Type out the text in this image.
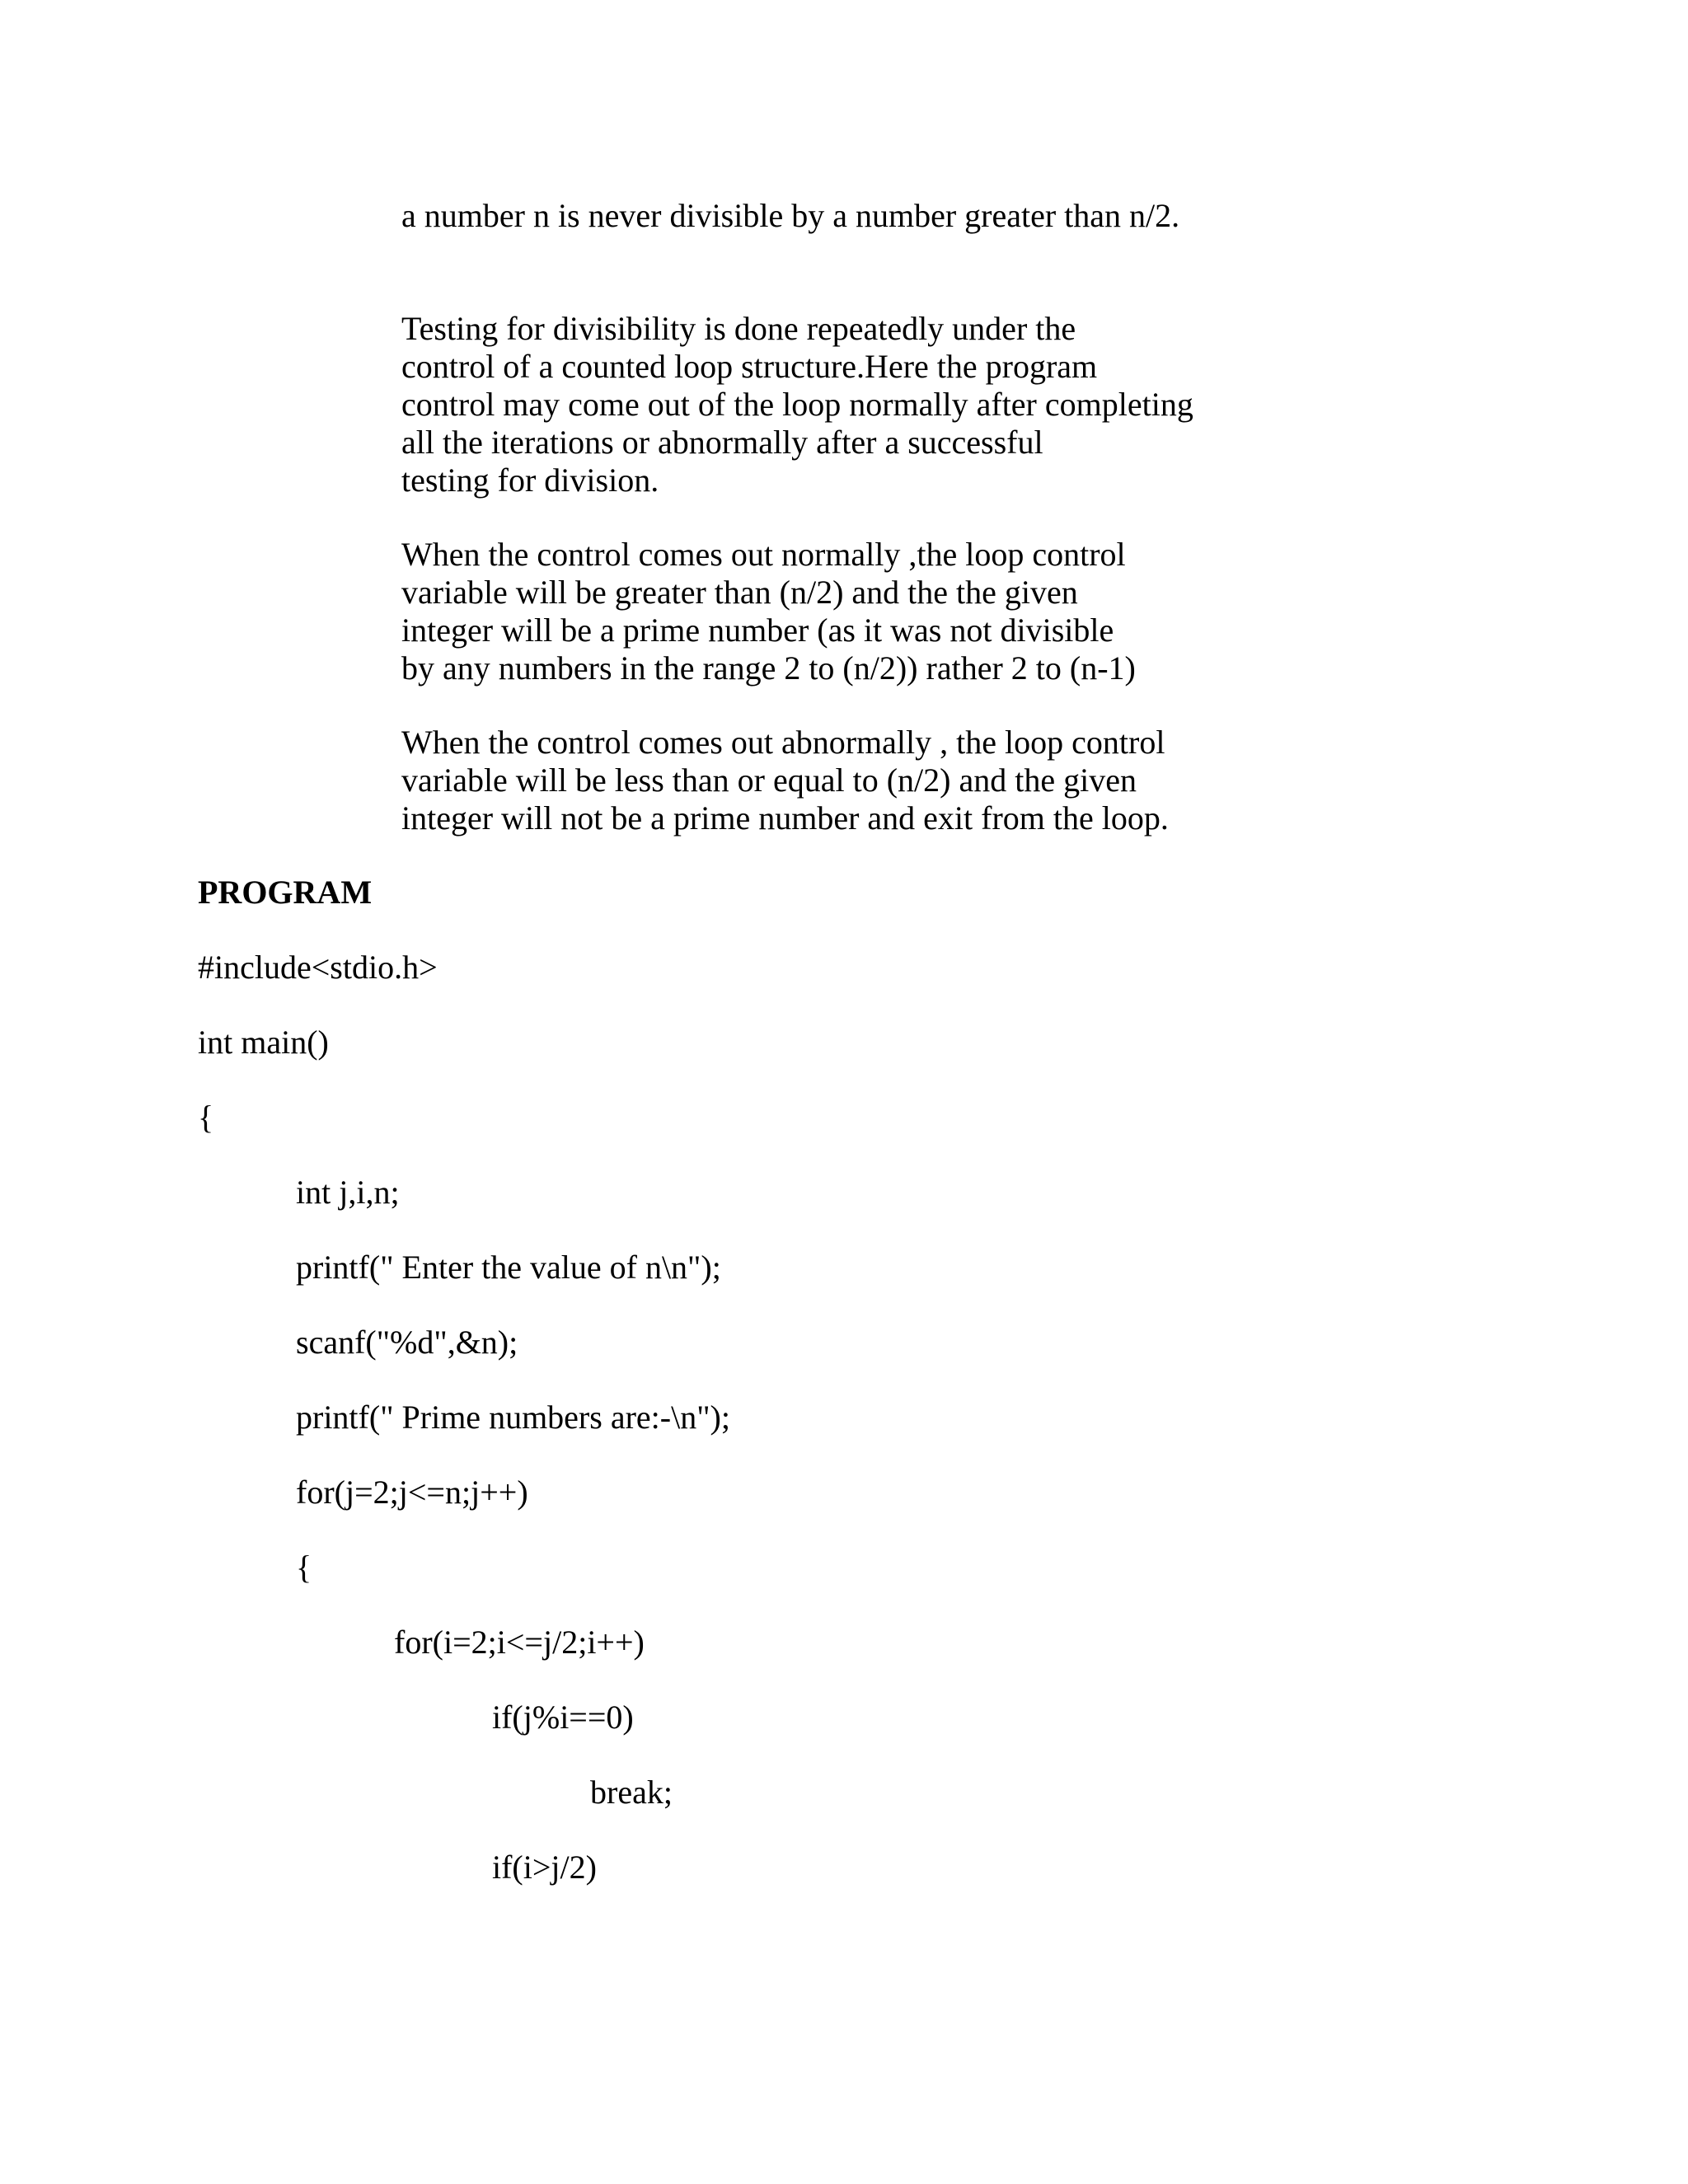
a number n is never divisible by a number greater than n/2.
Testing for divisibility is done repeatedly under the
control of a counted loop structure.Here the program
control may come out of the loop normally after completing
all the iterations or abnormally after a successful
testing for division.
When the control comes out normally ,the loop control
variable will be greater than (n/2) and the the given
integer will be a prime number (as it was not divisible
by any numbers in the range 2 to (n/2)) rather 2 to (n-1)
When the control comes out abnormally , the loop control
variable will be less than or equal to (n/2) and the given
integer will not be a prime number and exit from the loop.
PROGRAM
#include<stdio.h>
int main()
{
int j,i,n;
printf(" Enter the value of n\n");
scanf("%d",&n);
printf(" Prime numbers are:-\n");
for(j=2;j<=n;j++)
{
for(i=2;i<=j/2;i++)
if(j%i==0)
break;
if(i>j/2)
